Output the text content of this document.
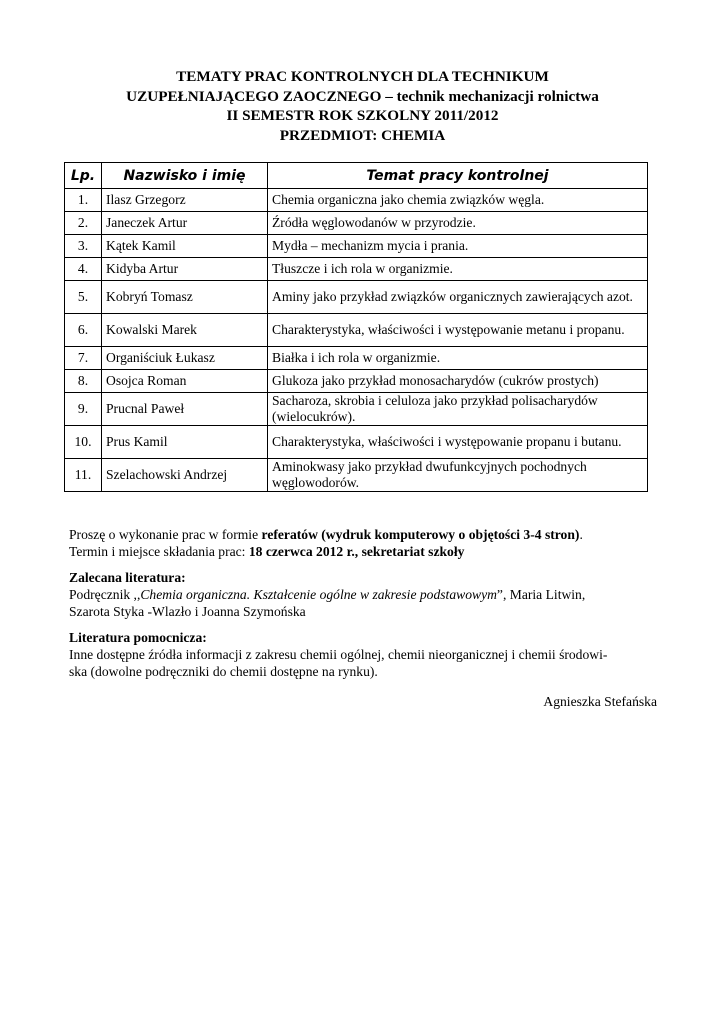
TEMATY PRAC KONTROLNYCH DLA TECHNIKUM
UZUPEŁNIAJĄCEGO ZAOCZNEGO – technik mechanizacji rolnictwa
II SEMESTR ROK SZKOLNY 2011/2012
PRZEDMIOT: CHEMIA
Lp.	Nazwisko i imię	Temat pracy kontrolnej
1.	Ilasz Grzegorz	Chemia organiczna jako chemia związków węgla.
2.	Janeczek Artur	Źródła węglowodanów w przyrodzie.
3.	Kątek Kamil	Mydła – mechanizm mycia i prania.
4.	Kidyba Artur	Tłuszcze i ich rola w organizmie.
5.	Kobryń Tomasz	Aminy jako przykład związków organicznych zawierających azot.
6.	Kowalski Marek	Charakterystyka, właściwości i występowanie metanu i propanu.
7.	Organiściuk Łukasz	Białka i ich rola w organizmie.
8.	Osojca Roman	Glukoza jako przykład monosacharydów (cukrów prostych)
9.	Prucnal Paweł	Sacharoza, skrobia i celuloza jako przykład polisacharydów (wielocukrów).
10.	Prus Kamil	Charakterystyka, właściwości i występowanie propanu i butanu.
11.	Szelachowski Andrzej	Aminokwasy jako przykład dwufunkcyjnych pochodnych węglowodorów.

Proszę o wykonanie prac w formie referatów (wydruk komputerowy o objętości 3-4 stron).

Termin i miejsce składania prac: 18 czerwca 2012 r., sekretariat szkoły

Zalecana literatura:

Podręcznik ,,Chemia organiczna. Kształcenie ogólne w zakresie podstawowym”, Maria Litwin,

Szarota Styka -Wlazło i Joanna Szymońska

Literatura pomocnicza:

Inne dostępne źródła informacji z zakresu chemii ogólnej, chemii nieorganicznej i chemii środowi-

ska (dowolne podręczniki do chemii dostępne na rynku).

Agnieszka Stefańska
